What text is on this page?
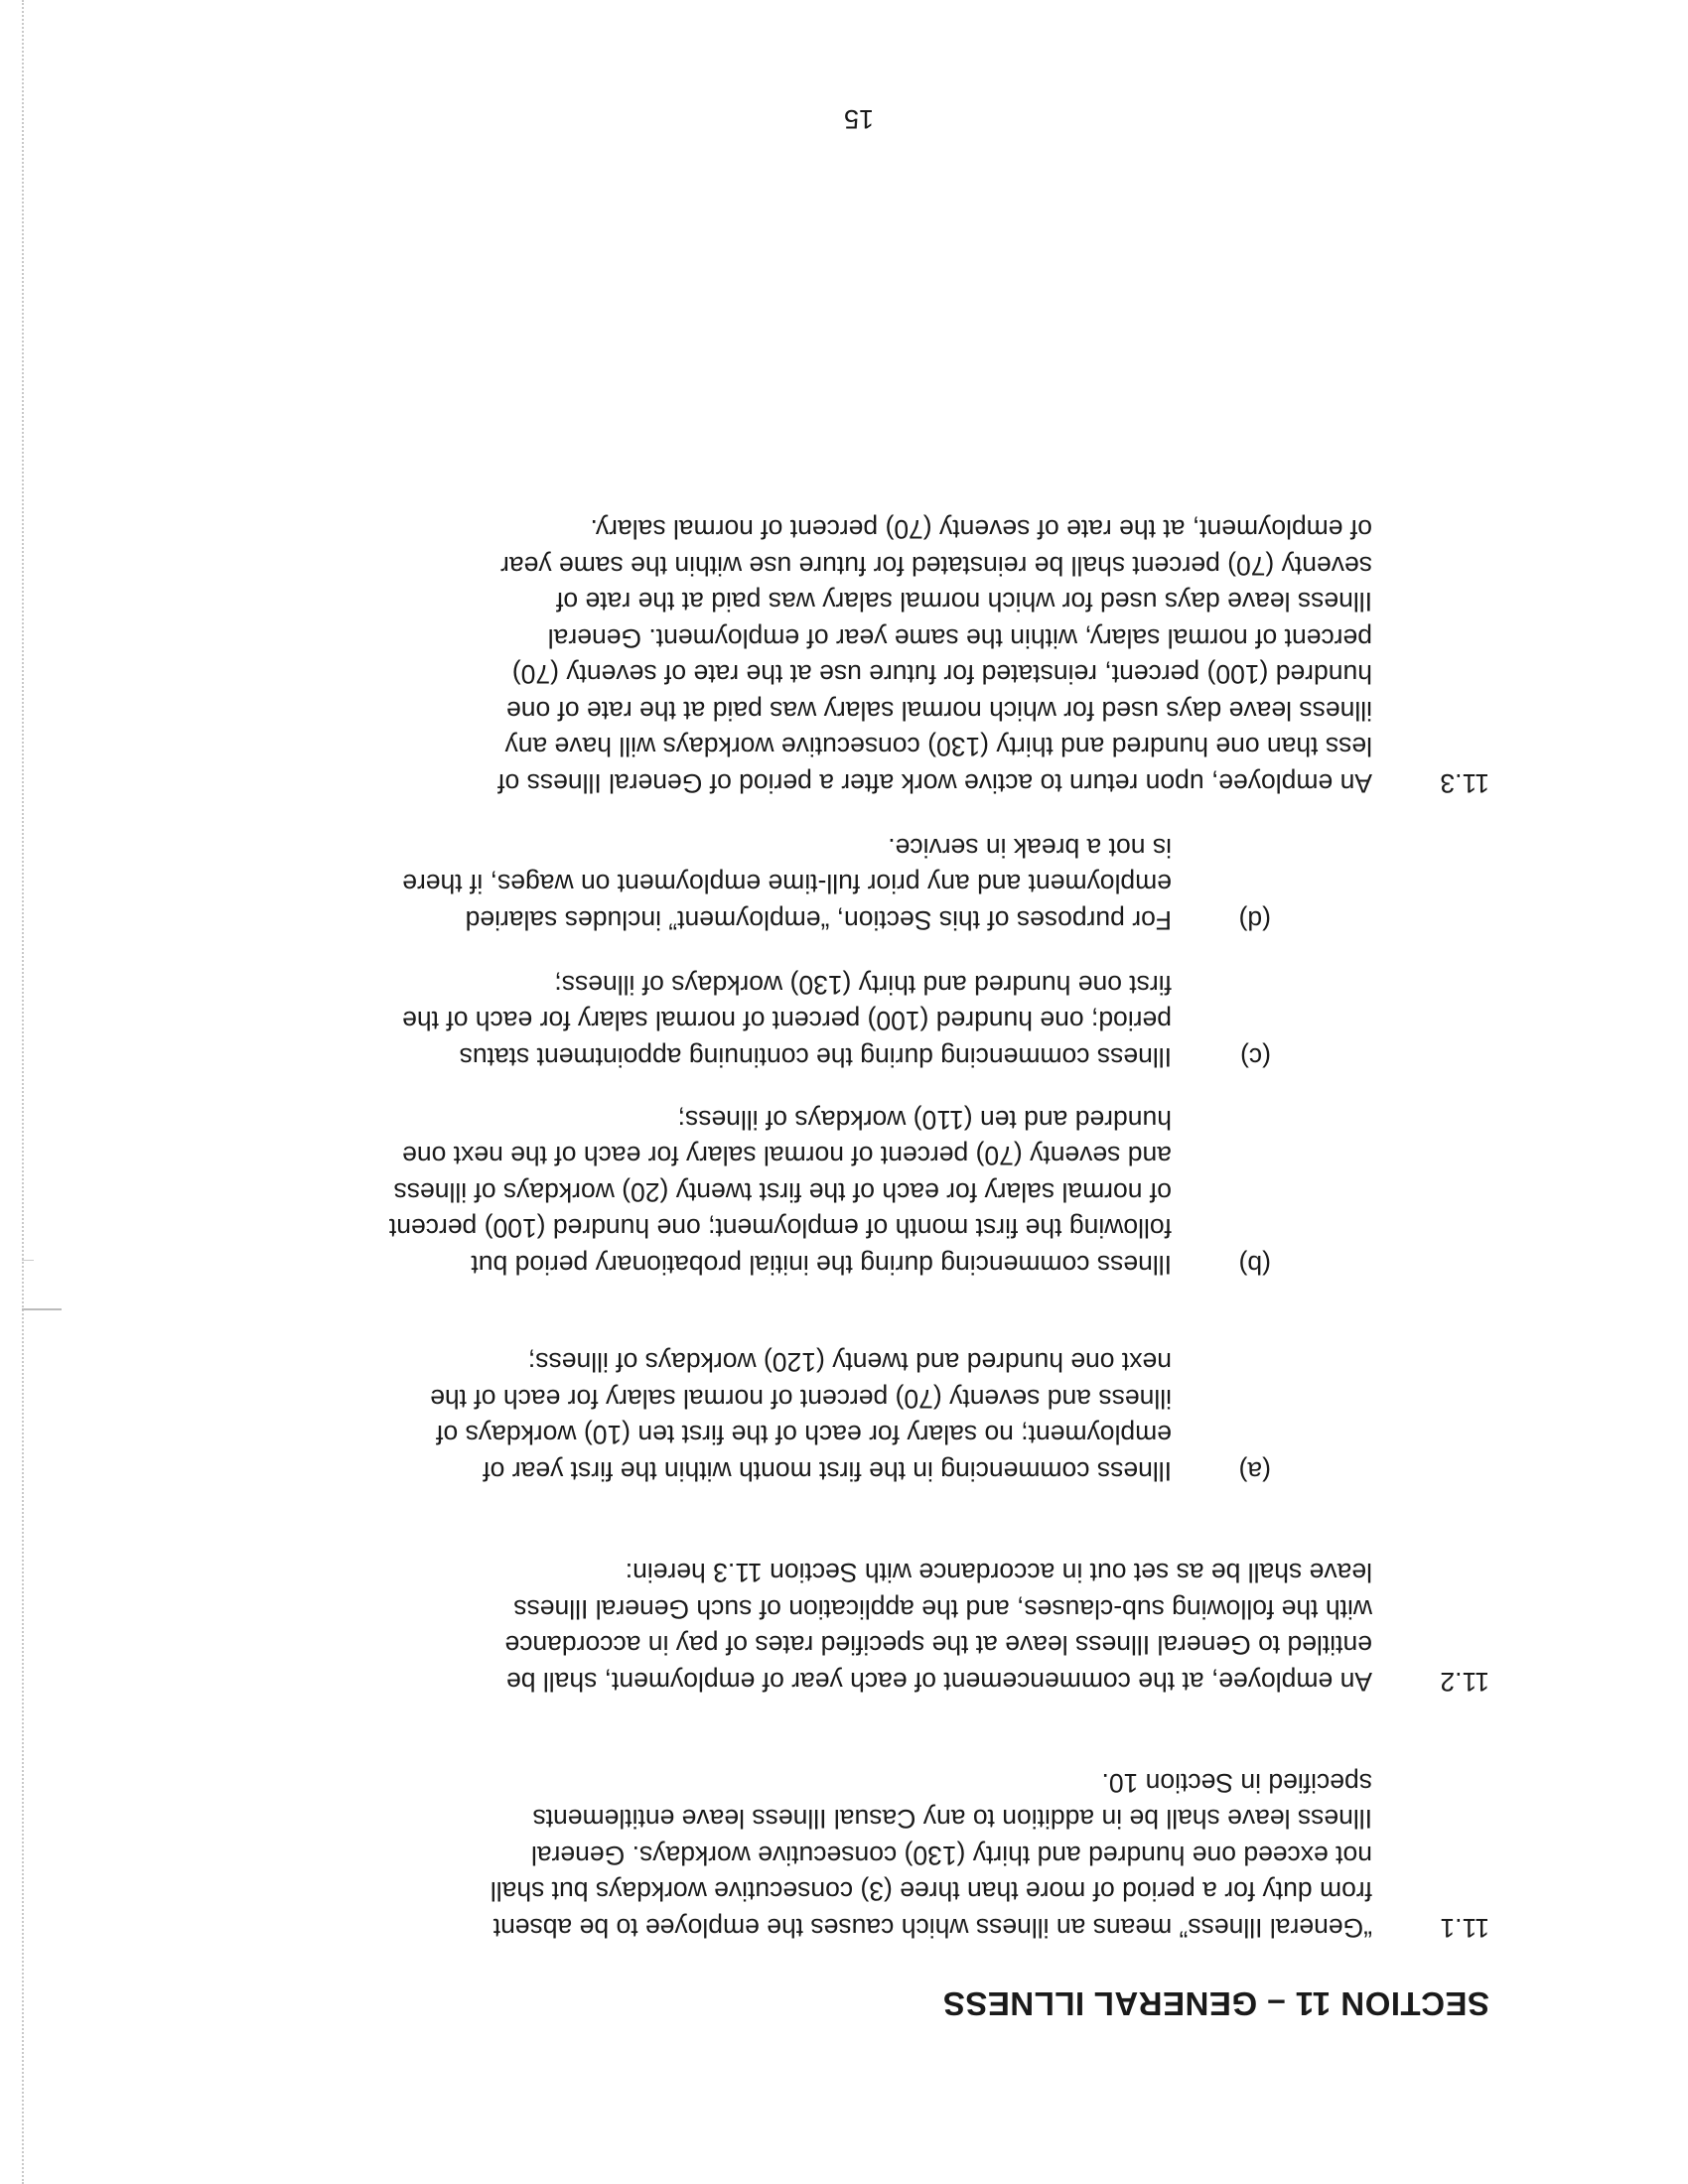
SECTION 11 – GENERAL ILLNESS
11.1
“General Illness” means an illness which causes the employee to be absent
from duty for a period of more than three (3) consecutive workdays but shall
not exceed one hundred and thirty (130) consecutive workdays. General
Illness leave shall be in addition to any Casual Illness leave entitlements
specified in Section 10.
11.2
An employee, at the commencement of each year of employment, shall be
entitled to General Illness leave at the specified rates of pay in accordance
with the following sub-clauses, and the application of such General Illness
leave shall be as set out in accordance with Section 11.3 herein:
(a)
Illness commencing in the first month within the first year of
employment; no salary for each of the first ten (10) workdays of
illness and seventy (70) percent of normal salary for each of the
next one hundred and twenty (120) workdays of illness;
(b)
Illness commencing during the initial probationary period but
following the first month of employment; one hundred (100) percent
of normal salary for each of the first twenty (20) workdays of illness
and seventy (70) percent of normal salary for each of the next one
hundred and ten (110) workdays of illness;
(c)
Illness commencing during the continuing appointment status
period; one hundred (100) percent of normal salary for each of the
first one hundred and thirty (130) workdays of illness;
(d)
For purposes of this Section, “employment” includes salaried
employment and any prior full-time employment on wages, if there
is not a break in service.
11.3
An employee, upon return to active work after a period of General Illness of
less than one hundred and thirty (130) consecutive workdays will have any
illness leave days used for which normal salary was paid at the rate of one
hundred (100) percent, reinstated for future use at the rate of seventy (70)
percent of normal salary, within the same year of employment. General
Illness leave days used for which normal salary was paid at the rate of
seventy (70) percent shall be reinstated for future use within the same year
of employment, at the rate of seventy (70) percent of normal salary.
15
